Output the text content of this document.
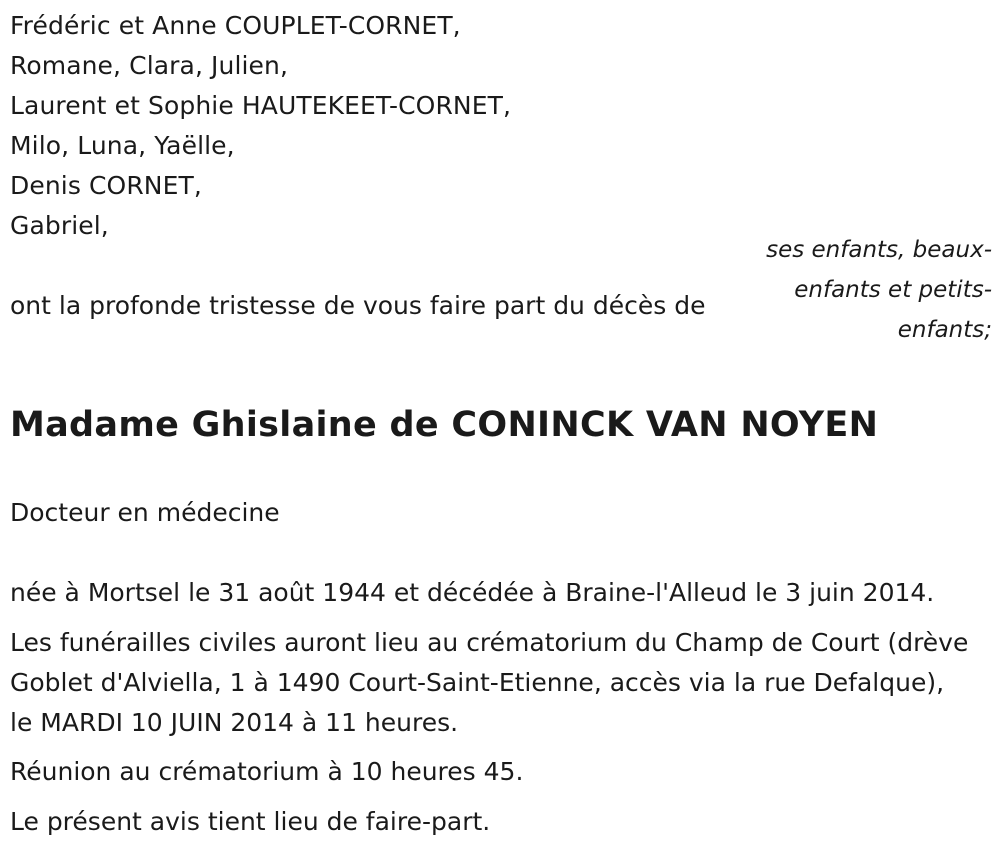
Frédéric et Anne COUPLET-CORNET,
Romane, Clara, Julien,
Laurent et Sophie HAUTEKEET-CORNET,
Milo, Luna, Yaëlle,
Denis CORNET,
Gabriel,
ses enfants, beaux-enfants et petits-enfants;
ont la profonde tristesse de vous faire part du décès de
Madame Ghislaine de CONINCK VAN NOYEN
Docteur en médecine
née à Mortsel le 31 août 1944 et décédée à Braine-l'Alleud le 3 juin 2014.
Les funérailles civiles auront lieu au crématorium du Champ de Court (drève Goblet d'Alviella, 1 à 1490 Court-Saint-Etienne, accès via la rue Defalque), le MARDI 10 JUIN 2014 à 11 heures.
Réunion au crématorium à 10 heures 45.
Le présent avis tient lieu de faire-part.
